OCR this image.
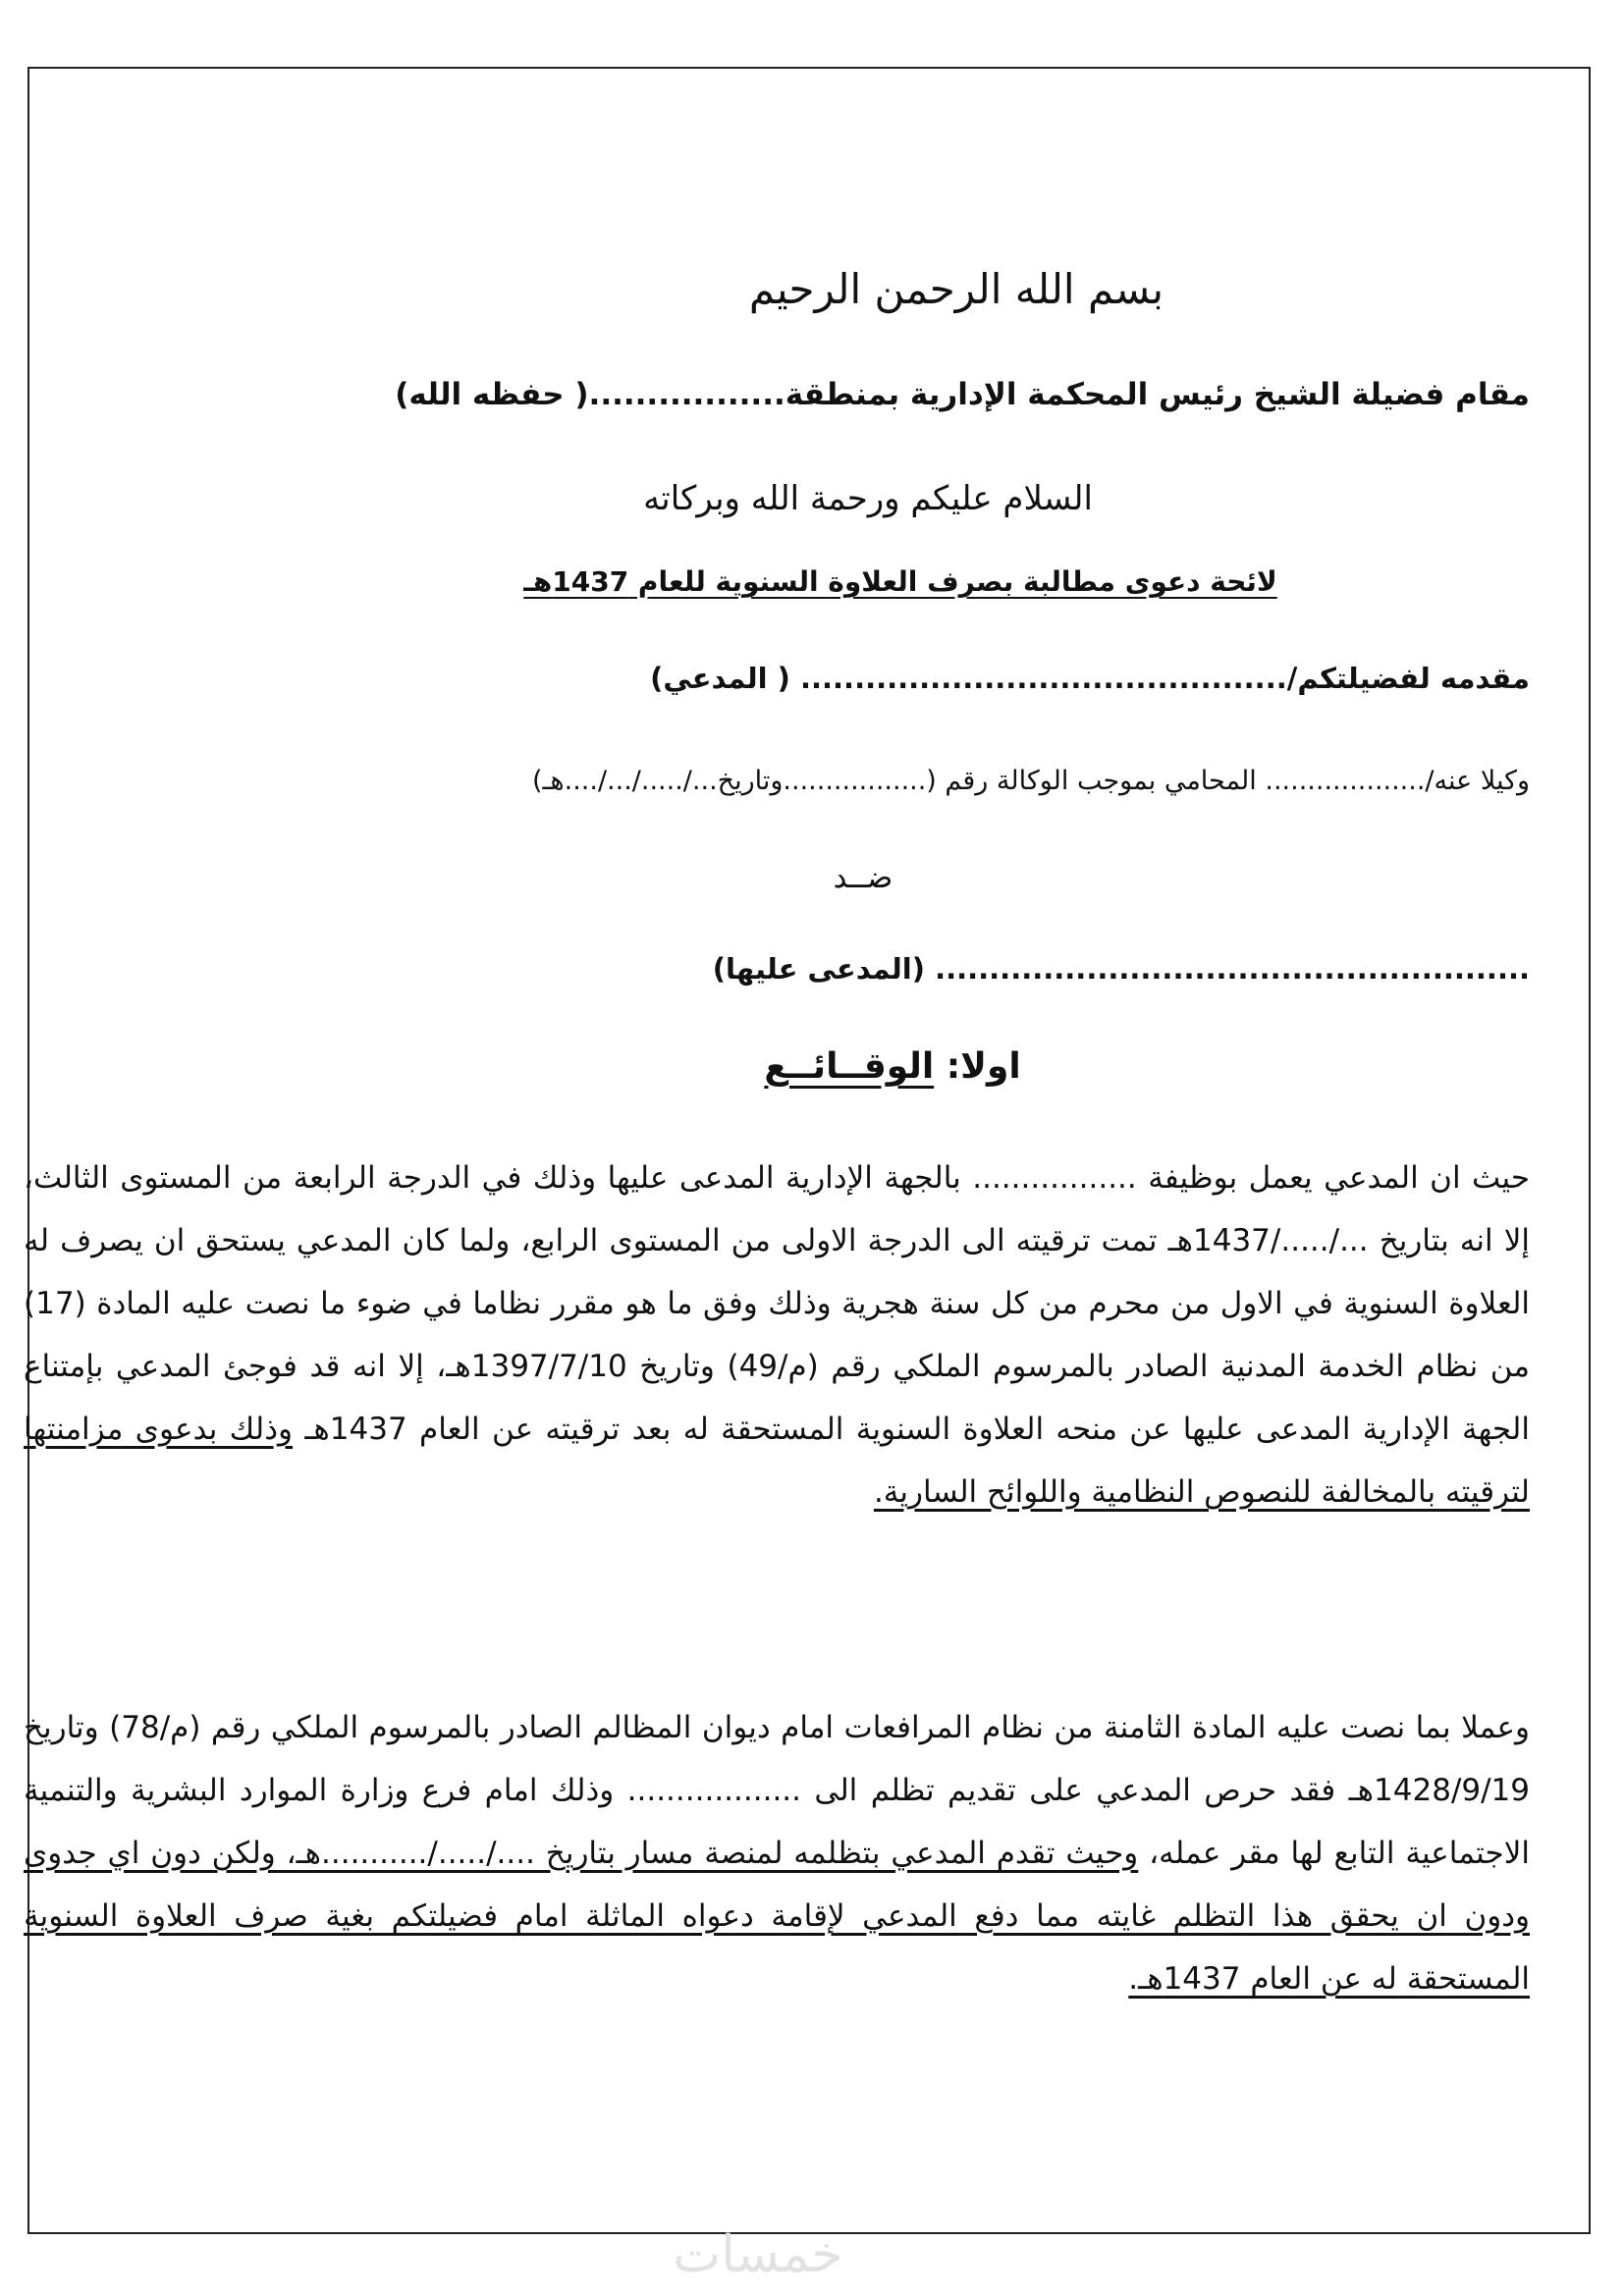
بسم الله الرحمن الرحيم

مقام فضيلة الشيخ رئيس المحكمة الإدارية بمنطقة.................( حفظه الله)

السلام عليكم ورحمة الله وبركاته

لائحة دعوى مطالبة بصرف العلاوة السنوية للعام 1437هـ

مقدمه لفضيلتكم/............................................. ( المدعي)

وكيلا عنه/................... المحامي بموجب الوكالة رقم (.................وتاريخ.../...../.../....هـ)

ضــد

....................................................... (المدعى عليها)

اولا: الوقــائــع

حيث ان المدعي يعمل بوظيفة ................. بالجهة الإدارية المدعى عليها وذلك في الدرجة الرابعة من المستوى الثالث، إلا انه بتاريخ .../...../1437هـ تمت ترقيته الى الدرجة الاولى من المستوى الرابع، ولما كان المدعي يستحق ان يصرف له العلاوة السنوية في الاول من محرم من كل سنة هجرية وذلك وفق ما هو مقرر نظاما في ضوء ما نصت عليه المادة (17) من نظام الخدمة المدنية الصادر بالمرسوم الملكي رقم (م/49) وتاريخ 1397/7/10هـ، إلا انه قد فوجئ المدعي بإمتناع الجهة الإدارية المدعى عليها عن منحه العلاوة السنوية المستحقة له بعد ترقيته عن العام 1437هـ وذلك بدعوى مزامنتها لترقيته بالمخالفة للنصوص النظامية واللوائح السارية.

وعملا بما نصت عليه المادة الثامنة من نظام المرافعات امام ديوان المظالم الصادر بالمرسوم الملكي رقم (م/78) وتاريخ 1428/9/19هـ فقد حرص المدعي على تقديم تظلم الى .................. وذلك امام فرع وزارة الموارد البشرية والتنمية الاجتماعية التابع لها مقر عمله، وحيث تقدم المدعي بتظلمه لمنصة مسار بتاريخ ..../...../...........هـ، ولكن دون اي جدوى ودون ان يحقق هذا التظلم غايته مما دفع المدعي لإقامة دعواه الماثلة امام فضيلتكم بغية صرف العلاوة السنوية المستحقة له عن العام 1437هـ.

خمسات
